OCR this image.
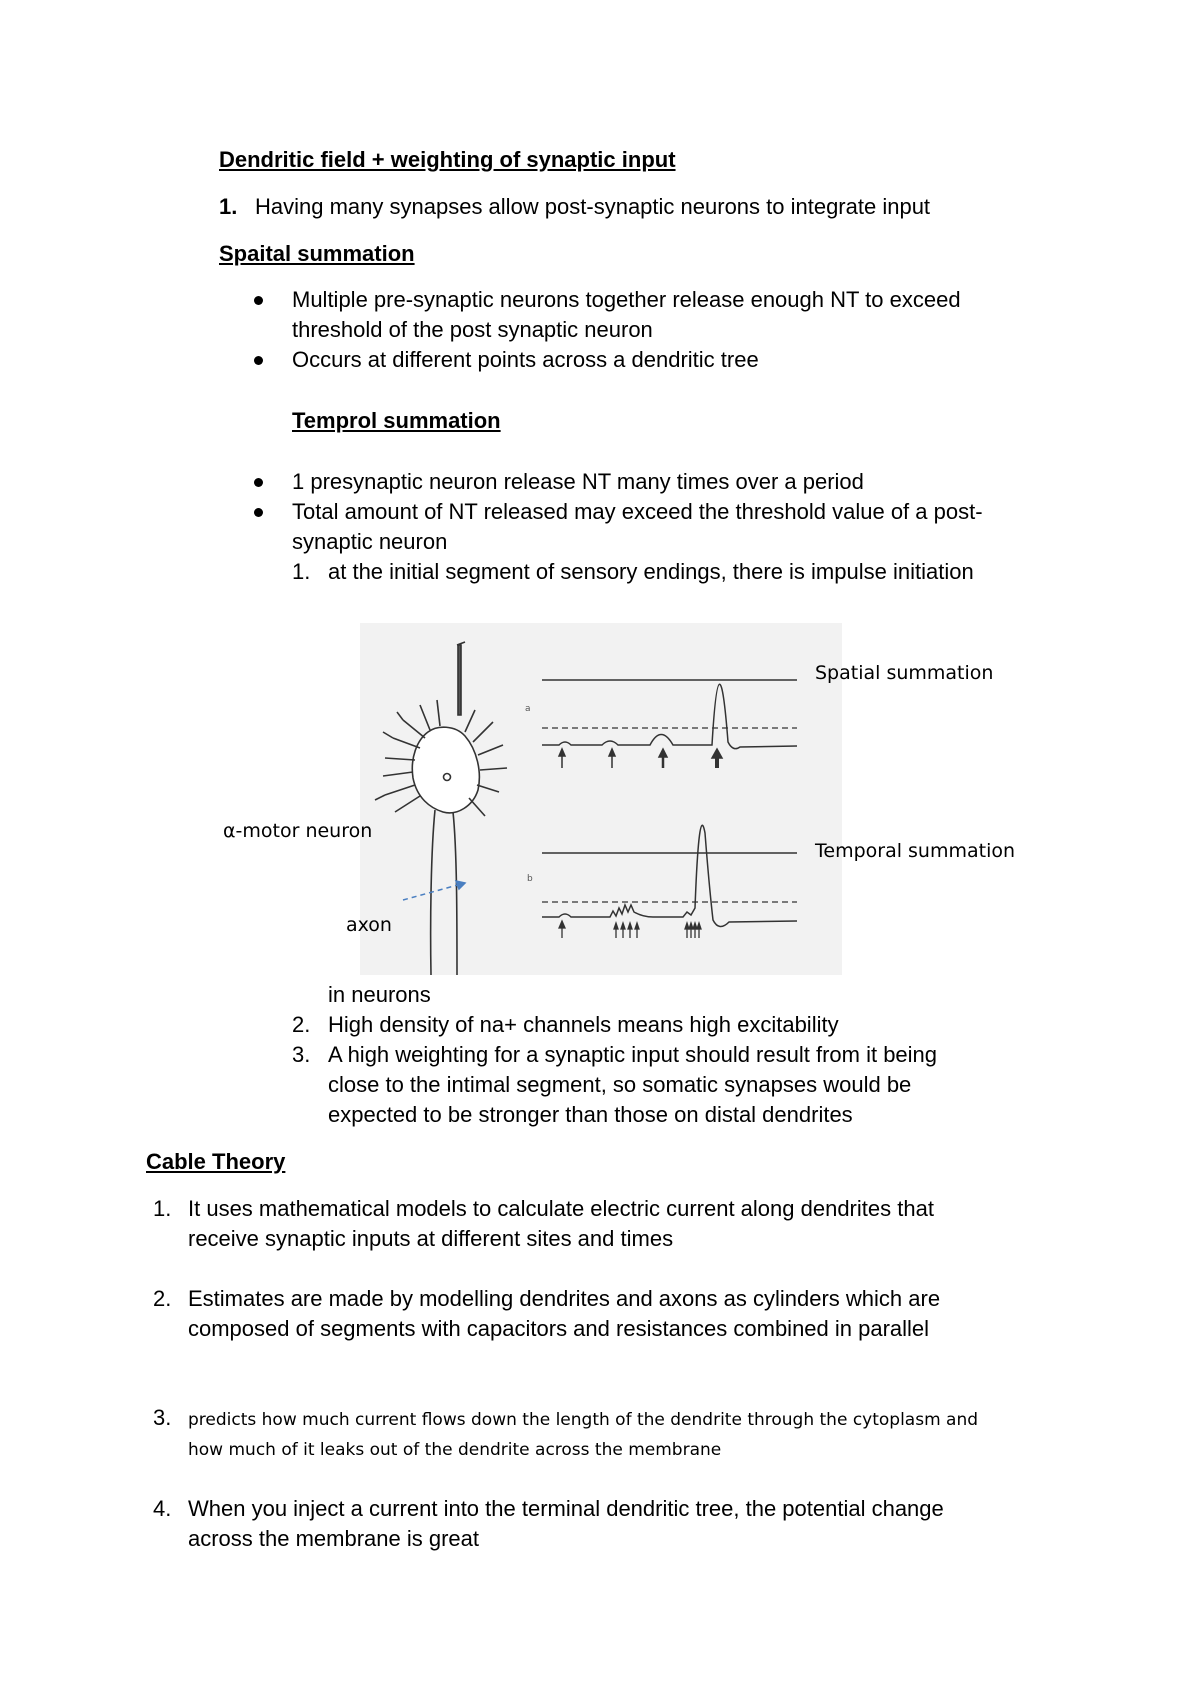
Dendritic field + weighting of synaptic input
1. Having many synapses allow post-synaptic neurons to integrate input
Spaital summation
Multiple pre-synaptic neurons together release enough NT to exceed
threshold of the post synaptic neuron
Occurs at different points across a dendritic tree
Temprol summation
1 presynaptic neuron release NT many times over a period
Total amount of NT released may exceed the threshold value of a post-
synaptic neuron
1. at the initial segment of sensory endings, there is impulse initiation
a
b
Spatial summation
Temporal summation
α-motor neuron
axon
in neurons
2. High density of na+ channels means high excitability
3. A high weighting for a synaptic input should result from it being
close to the intimal segment, so somatic synapses would be
expected to be stronger than those on distal dendrites
Cable Theory
1. It uses mathematical models to calculate electric current along dendrites that
receive synaptic inputs at different sites and times
2. Estimates are made by modelling dendrites and axons as cylinders which are
composed of segments with capacitors and resistances combined in parallel
3. predicts how much current flows down the length of the dendrite through the cytoplasm and
how much of it leaks out of the dendrite across the membrane
4. When you inject a current into the terminal dendritic tree, the potential change
across the membrane is great
